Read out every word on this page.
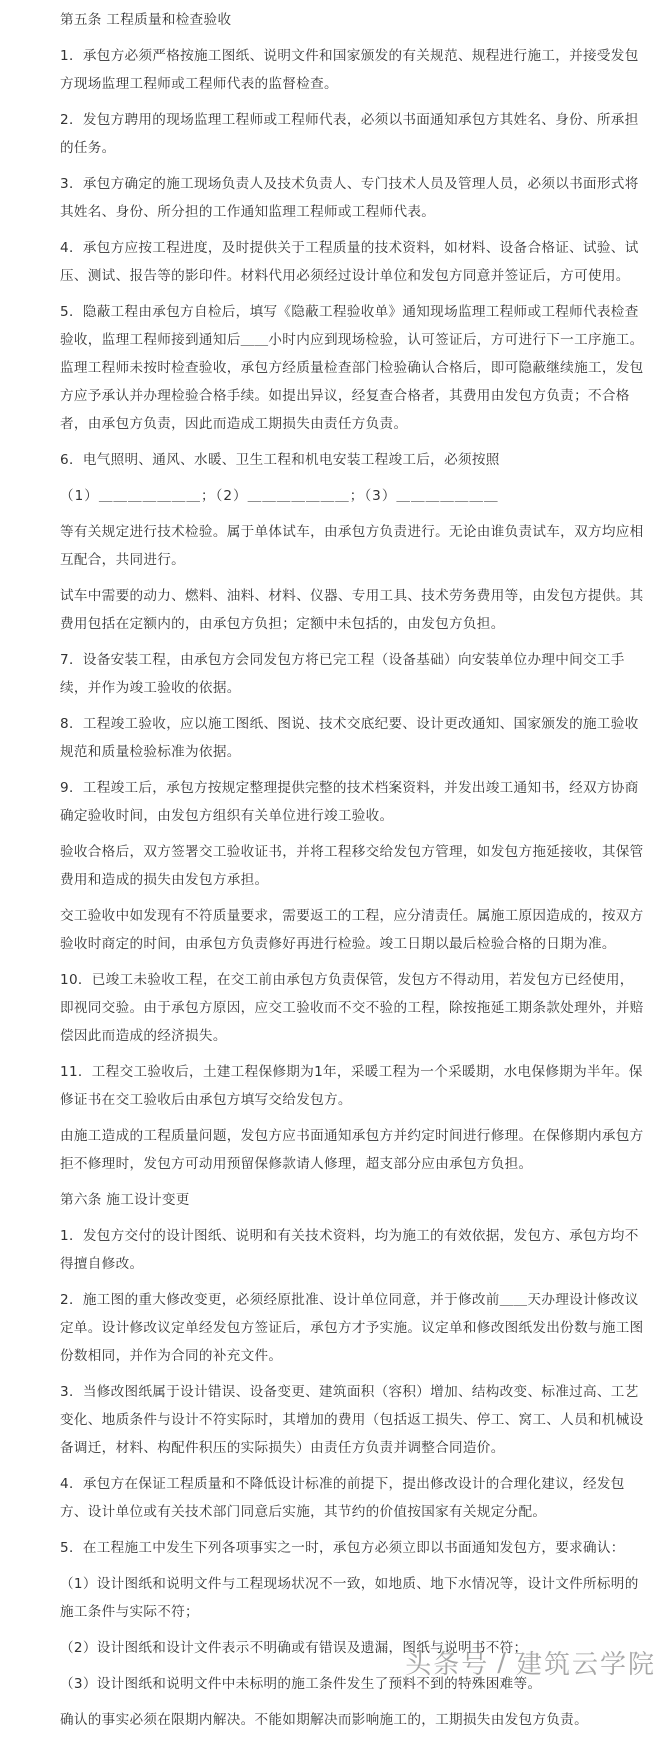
第五条 工程质量和检查验收

1．承包方必须严格按施工图纸、说明文件和国家颁发的有关规范、规程进行施工，并接受发包方现场监理工程师或工程师代表的监督检查。

2．发包方聘用的现场监理工程师或工程师代表，必须以书面通知承包方其姓名、身份、所承担的任务。

3．承包方确定的施工现场负责人及技术负责人、专门技术人员及管理人员，必须以书面形式将其姓名、身份、所分担的工作通知监理工程师或工程师代表。

4．承包方应按工程进度，及时提供关于工程质量的技术资料，如材料、设备合格证、试验、试压、测试、报告等的影印件。材料代用必须经过设计单位和发包方同意并签证后，方可使用。

5．隐蔽工程由承包方自检后，填写《隐蔽工程验收单》通知现场监理工程师或工程师代表检查验收，监理工程师接到通知后＿＿小时内应到现场检验，认可签证后，方可进行下一工序施工。监理工程师未按时检查验收，承包方经质量检查部门检验确认合格后，即可隐蔽继续施工，发包方应予承认并办理检验合格手续。如提出异议，经复查合格者，其费用由发包方负责；不合格者，由承包方负责，因此而造成工期损失由责任方负责。

6．电气照明、通风、水暖、卫生工程和机电安装工程竣工后，必须按照

（1）＿＿＿＿＿＿＿；（2）＿＿＿＿＿＿＿；（3）＿＿＿＿＿＿＿

等有关规定进行技术检验。属于单体试车，由承包方负责进行。无论由谁负责试车，双方均应相互配合，共同进行。

试车中需要的动力、燃料、油料、材料、仪器、专用工具、技术劳务费用等，由发包方提供。其费用包括在定额内的，由承包方负担；定额中未包括的，由发包方负担。

7．设备安装工程，由承包方会同发包方将已完工程（设备基础）向安装单位办理中间交工手续，并作为竣工验收的依据。

8．工程竣工验收，应以施工图纸、图说、技术交底纪要、设计更改通知、国家颁发的施工验收规范和质量检验标准为依据。

9．工程竣工后，承包方按规定整理提供完整的技术档案资料，并发出竣工通知书，经双方协商确定验收时间，由发包方组织有关单位进行竣工验收。

验收合格后，双方签署交工验收证书，并将工程移交给发包方管理，如发包方拖延接收，其保管费用和造成的损失由发包方承担。

交工验收中如发现有不符质量要求，需要返工的工程，应分清责任。属施工原因造成的，按双方验收时商定的时间，由承包方负责修好再进行检验。竣工日期以最后检验合格的日期为准。

10．已竣工未验收工程，在交工前由承包方负责保管，发包方不得动用，若发包方已经使用，即视同交验。由于承包方原因，应交工验收而不交不验的工程，除按拖延工期条款处理外，并赔偿因此而造成的经济损失。

11．工程交工验收后，土建工程保修期为1年，采暖工程为一个采暖期，水电保修期为半年。保修证书在交工验收后由承包方填写交给发包方。

由施工造成的工程质量问题，发包方应书面通知承包方并约定时间进行修理。在保修期内承包方拒不修理时，发包方可动用预留保修款请人修理，超支部分应由承包方负担。

第六条 施工设计变更

1．发包方交付的设计图纸、说明和有关技术资料，均为施工的有效依据，发包方、承包方均不得擅自修改。

2．施工图的重大修改变更，必须经原批准、设计单位同意，并于修改前＿＿天办理设计修改议定单。设计修改议定单经发包方签证后，承包方才予实施。议定单和修改图纸发出份数与施工图份数相同，并作为合同的补充文件。

3．当修改图纸属于设计错误、设备变更、建筑面积（容积）增加、结构改变、标准过高、工艺变化、地质条件与设计不符实际时，其增加的费用（包括返工损失、停工、窝工、人员和机械设备调迁，材料、构配件积压的实际损失）由责任方负责并调整合同造价。

4．承包方在保证工程质量和不降低设计标准的前提下，提出修改设计的合理化建议，经发包方、设计单位或有关技术部门同意后实施，其节约的价值按国家有关规定分配。

5．在工程施工中发生下列各项事实之一时，承包方必须立即以书面通知发包方，要求确认：

（1）设计图纸和说明文件与工程现场状况不一致，如地质、地下水情况等，设计文件所标明的施工条件与实际不符；

（2）设计图纸和设计文件表示不明确或有错误及遗漏，图纸与说明书不符；

（3）设计图纸和说明文件中未标明的施工条件发生了预料不到的特殊困难等。

确认的事实必须在限期内解决。不能如期解决而影响施工的，工期损失由发包方负责。

头条号 / 建筑云学院
